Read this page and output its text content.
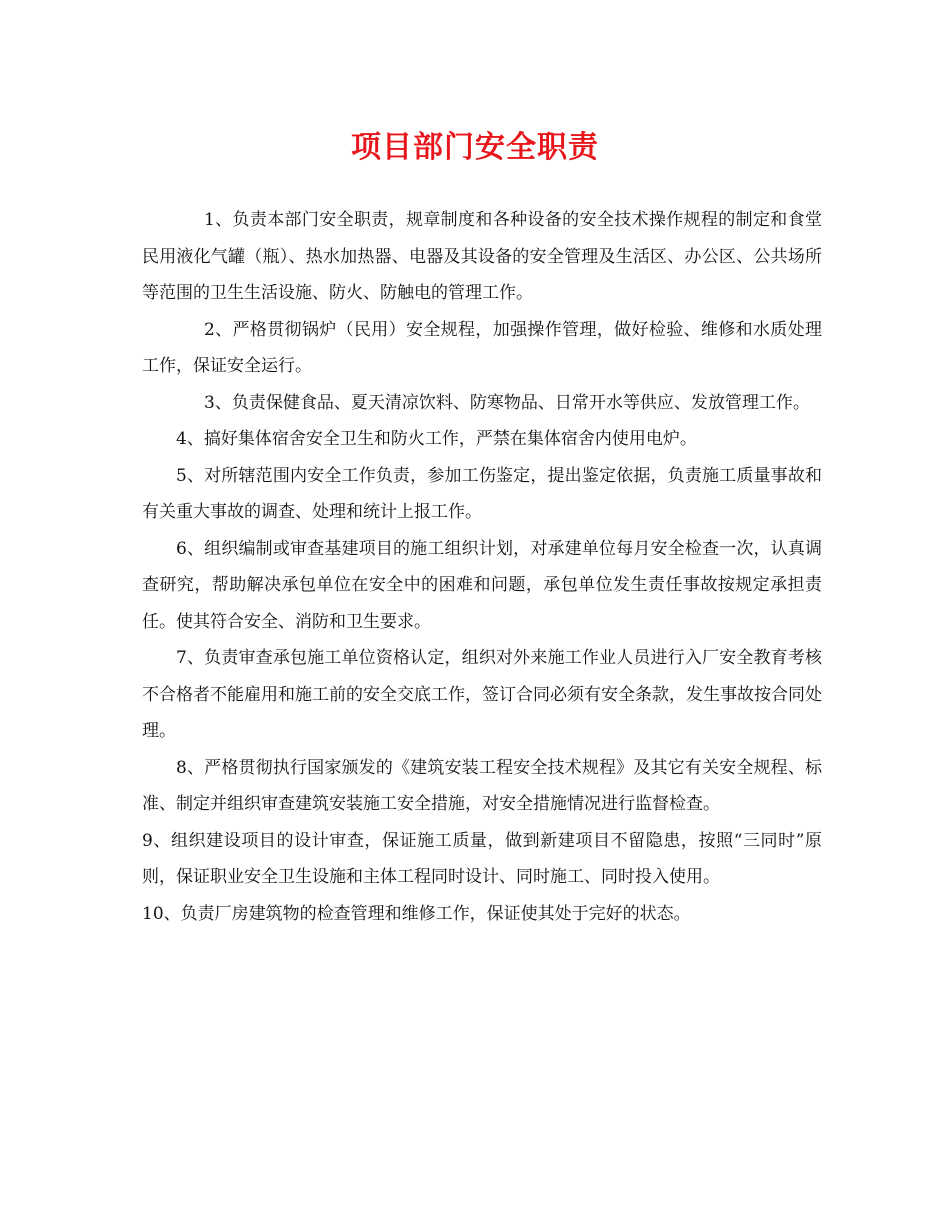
项目部门安全职责

1、负责本部门安全职责，规章制度和各种设备的安全技术操作规程的制定和食堂民用液化气罐（瓶）、热水加热器、电器及其设备的安全管理及生活区、办公区、公共场所等范围的卫生生活设施、防火、防触电的管理工作。

2、严格贯彻锅炉（民用）安全规程，加强操作管理，做好检验、维修和水质处理工作，保证安全运行。

3、负责保健食品、夏天清凉饮料、防寒物品、日常开水等供应、发放管理工作。

4、搞好集体宿舍安全卫生和防火工作，严禁在集体宿舍内使用电炉。

5、对所辖范围内安全工作负责，参加工伤鉴定，提出鉴定依据，负责施工质量事故和有关重大事故的调查、处理和统计上报工作。

6、组织编制或审查基建项目的施工组织计划，对承建单位每月安全检查一次，认真调查研究，帮助解决承包单位在安全中的困难和问题，承包单位发生责任事故按规定承担责任。使其符合安全、消防和卫生要求。

7、负责审查承包施工单位资格认定，组织对外来施工作业人员进行入厂安全教育考核不合格者不能雇用和施工前的安全交底工作，签订合同必须有安全条款，发生事故按合同处理。

8、严格贯彻执行国家颁发的《建筑安装工程安全技术规程》及其它有关安全规程、标准、制定并组织审查建筑安装施工安全措施，对安全措施情况进行监督检查。

9、组织建设项目的设计审查，保证施工质量，做到新建项目不留隐患，按照“三同时”原则，保证职业安全卫生设施和主体工程同时设计、同时施工、同时投入使用。

10、负责厂房建筑物的检查管理和维修工作，保证使其处于完好的状态。
